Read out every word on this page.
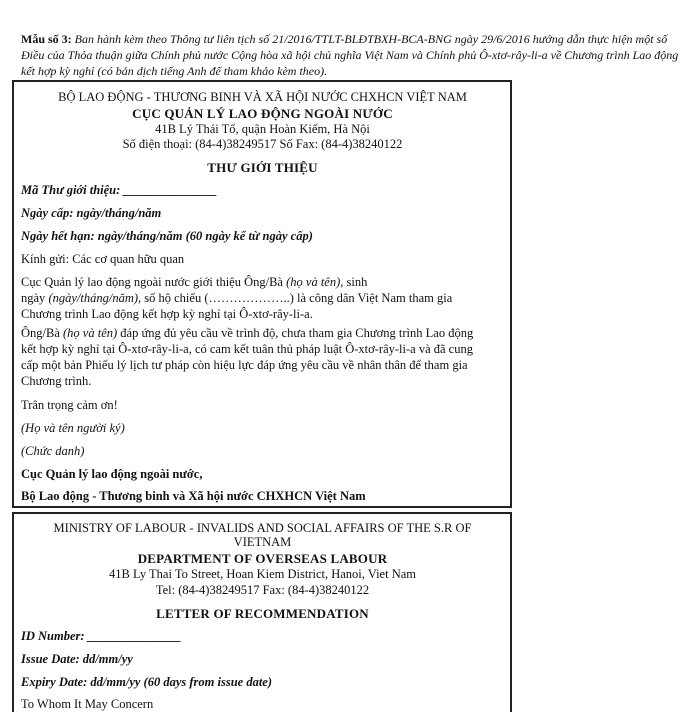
Mẫu số 3: Ban hành kèm theo Thông tư liên tịch số 21/2016/TTLT-BLĐTBXH-BCA-BNG ngày 29/6/2016 hướng dẫn thực hiện một số Điều của Thỏa thuận giữa Chính phủ nước Cộng hòa xã hội chủ nghĩa Việt Nam và Chính phủ Ô-xtơ-rây-li-a về Chương trình Lao động kết hợp kỳ nghỉ (có bản dịch tiếng Anh để tham khảo kèm theo).
BỘ LAO ĐỘNG - THƯƠNG BINH VÀ XÃ HỘI NƯỚC CHXHCN VIỆT NAM
CỤC QUẢN LÝ LAO ĐỘNG NGOÀI NƯỚC
41B Lý Thái Tổ, quận Hoàn Kiếm, Hà Nội
Số điện thoại: (84-4)38249517 Số Fax: (84-4)38240122
THƯ GIỚI THIỆU
Mã Thư giới thiệu: _______________
Ngày cấp: ngày/tháng/năm
Ngày hết hạn: ngày/tháng/năm (60 ngày kể từ ngày cấp)
Kính gửi: Các cơ quan hữu quan
Cục Quản lý lao động ngoài nước giới thiệu Ông/Bà (họ và tên), sinh
ngày (ngày/tháng/năm), số hộ chiếu (………………..) là công dân Việt Nam tham gia
Chương trình Lao động kết hợp kỳ nghỉ tại Ô-xtơ-rây-li-a.
Ông/Bà (họ và tên) đáp ứng đủ yêu cầu về trình độ, chưa tham gia Chương trình Lao động
kết hợp kỳ nghỉ tại Ô-xtơ-rây-li-a, có cam kết tuân thủ pháp luật Ô-xtơ-rây-li-a và đã cung
cấp một bản Phiếu lý lịch tư pháp còn hiệu lực đáp ứng yêu cầu về nhân thân để tham gia
Chương trình.
Trân trọng cảm ơn!
(Họ và tên người ký)
(Chức danh)
Cục Quản lý lao động ngoài nước,
Bộ Lao động - Thương binh và Xã hội nước CHXHCN Việt Nam
MINISTRY OF LABOUR - INVALIDS AND SOCIAL AFFAIRS OF THE S.R OF
VIETNAM
DEPARTMENT OF OVERSEAS LABOUR
41B Ly Thai To Street, Hoan Kiem District, Hanoi, Viet Nam
Tel: (84-4)38249517 Fax: (84-4)38240122
LETTER OF RECOMMENDATION
ID Number: _______________
Issue Date: dd/mm/yy
Expiry Date: dd/mm/yy (60 days from issue date)
To Whom It May Concern
